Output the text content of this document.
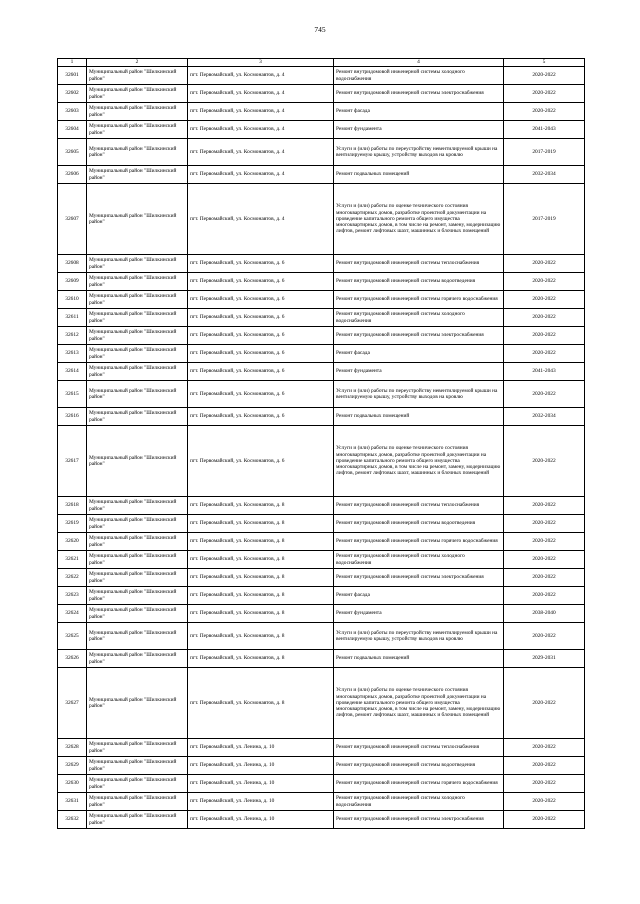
745
1	2	3	4	5
32601	Муниципальный район "Шилкинский район"	пгт. Первомайский, ул. Космонавтов, д. 4	Ремонт внутридомовой инженерной системы холодного водоснабжения	2020-2022
32602	Муниципальный район "Шилкинский район"	пгт. Первомайский, ул. Космонавтов, д. 4	Ремонт внутридомовой инженерной системы электроснабжения	2020-2022
32603	Муниципальный район "Шилкинский район"	пгт. Первомайский, ул. Космонавтов, д. 4	Ремонт фасада	2020-2022
32604	Муниципальный район "Шилкинский район"	пгт. Первомайский, ул. Космонавтов, д. 4	Ремонт фундамента	2041-2043
32605	Муниципальный район "Шилкинский район"	пгт. Первомайский, ул. Космонавтов, д. 4	Услуги и (или) работы по переустройству невентилируемой крыши на вентилируемую крышу, устройству выходов на кровлю	2017-2019
32606	Муниципальный район "Шилкинский район"	пгт. Первомайский, ул. Космонавтов, д. 4	Ремонт подвальных помещений	2032-2034
32607	Муниципальный район "Шилкинский район"	пгт. Первомайский, ул. Космонавтов, д. 4	Услуги и (или) работы по оценке технического состояния многоквартирных домов, разработке проектной документации на проведение капитального ремонта общего имущества многоквартирных домов, в том числе на ремонт, замену, модернизацию лифтов, ремонт лифтовых шахт, машинных и блочных помещений	2017-2019
32608	Муниципальный район "Шилкинский район"	пгт. Первомайский, ул. Космонавтов, д. 6	Ремонт внутридомовой инженерной системы теплоснабжения	2020-2022
32609	Муниципальный район "Шилкинский район"	пгт. Первомайский, ул. Космонавтов, д. 6	Ремонт внутридомовой инженерной системы водоотведения	2020-2022
32610	Муниципальный район "Шилкинский район"	пгт. Первомайский, ул. Космонавтов, д. 6	Ремонт внутридомовой инженерной системы горячего водоснабжения	2020-2022
32611	Муниципальный район "Шилкинский район"	пгт. Первомайский, ул. Космонавтов, д. 6	Ремонт внутридомовой инженерной системы холодного водоснабжения	2020-2022
32612	Муниципальный район "Шилкинский район"	пгт. Первомайский, ул. Космонавтов, д. 6	Ремонт внутридомовой инженерной системы электроснабжения	2020-2022
32613	Муниципальный район "Шилкинский район"	пгт. Первомайский, ул. Космонавтов, д. 6	Ремонт фасада	2020-2022
32614	Муниципальный район "Шилкинский район"	пгт. Первомайский, ул. Космонавтов, д. 6	Ремонт фундамента	2041-2043
32615	Муниципальный район "Шилкинский район"	пгт. Первомайский, ул. Космонавтов, д. 6	Услуги и (или) работы по переустройству невентилируемой крыши на вентилируемую крышу, устройству выходов на кровлю	2020-2022
32616	Муниципальный район "Шилкинский район"	пгт. Первомайский, ул. Космонавтов, д. 6	Ремонт подвальных помещений	2032-2034
32617	Муниципальный район "Шилкинский район"	пгт. Первомайский, ул. Космонавтов, д. 6	Услуги и (или) работы по оценке технического состояния многоквартирных домов, разработке проектной документации на проведение капитального ремонта общего имущества многоквартирных домов, в том числе на ремонт, замену, модернизацию лифтов, ремонт лифтовых шахт, машинных и блочных помещений	2020-2022
32618	Муниципальный район "Шилкинский район"	пгт. Первомайский, ул. Космонавтов, д. 8	Ремонт внутридомовой инженерной системы теплоснабжения	2020-2022
32619	Муниципальный район "Шилкинский район"	пгт. Первомайский, ул. Космонавтов, д. 8	Ремонт внутридомовой инженерной системы водоотведения	2020-2022
32620	Муниципальный район "Шилкинский район"	пгт. Первомайский, ул. Космонавтов, д. 8	Ремонт внутридомовой инженерной системы горячего водоснабжения	2020-2022
32621	Муниципальный район "Шилкинский район"	пгт. Первомайский, ул. Космонавтов, д. 8	Ремонт внутридомовой инженерной системы холодного водоснабжения	2020-2022
32622	Муниципальный район "Шилкинский район"	пгт. Первомайский, ул. Космонавтов, д. 8	Ремонт внутридомовой инженерной системы электроснабжения	2020-2022
32623	Муниципальный район "Шилкинский район"	пгт. Первомайский, ул. Космонавтов, д. 8	Ремонт фасада	2020-2022
32624	Муниципальный район "Шилкинский район"	пгт. Первомайский, ул. Космонавтов, д. 8	Ремонт фундамента	2038-2040
32625	Муниципальный район "Шилкинский район"	пгт. Первомайский, ул. Космонавтов, д. 8	Услуги и (или) работы по переустройству невентилируемой крыши на вентилируемую крышу, устройству выходов на кровлю	2020-2022
32626	Муниципальный район "Шилкинский район"	пгт. Первомайский, ул. Космонавтов, д. 8	Ремонт подвальных помещений	2029-2031
32627	Муниципальный район "Шилкинский район"	пгт. Первомайский, ул. Космонавтов, д. 8	Услуги и (или) работы по оценке технического состояния многоквартирных домов, разработке проектной документации на проведение капитального ремонта общего имущества многоквартирных домов, в том числе на ремонт, замену, модернизацию лифтов, ремонт лифтовых шахт, машинных и блочных помещений	2020-2022
32628	Муниципальный район "Шилкинский район"	пгт. Первомайский, ул. Ленина, д. 10	Ремонт внутридомовой инженерной системы теплоснабжения	2020-2022
32629	Муниципальный район "Шилкинский район"	пгт. Первомайский, ул. Ленина, д. 10	Ремонт внутридомовой инженерной системы водоотведения	2020-2022
32630	Муниципальный район "Шилкинский район"	пгт. Первомайский, ул. Ленина, д. 10	Ремонт внутридомовой инженерной системы горячего водоснабжения	2020-2022
32631	Муниципальный район "Шилкинский район"	пгт. Первомайский, ул. Ленина, д. 10	Ремонт внутридомовой инженерной системы холодного водоснабжения	2020-2022
32632	Муниципальный район "Шилкинский район"	пгт. Первомайский, ул. Ленина, д. 10	Ремонт внутридомовой инженерной системы электроснабжения	2020-2022
